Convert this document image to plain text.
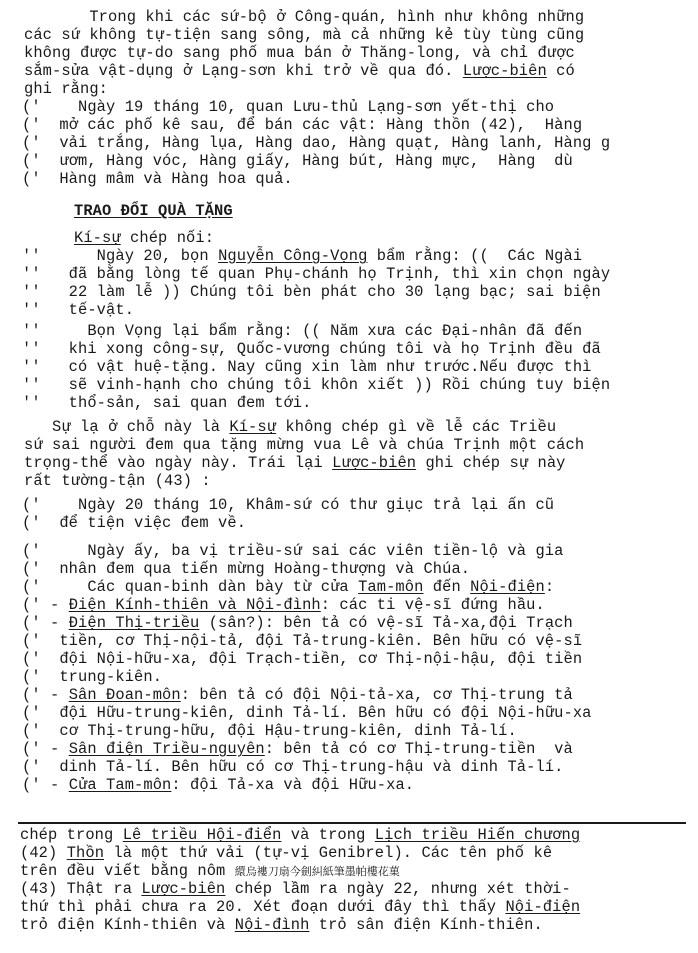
Trong khi các sứ-bộ ở Công-quán, hình như không những
các sứ không tự-tiện sang sông, mà cả những kẻ tùy tùng cũng
không được tự-do sang phố mua bán ở Thăng-long, và chỉ được
sắm-sửa vật-dụng ở Lạng-sơn khi trở về qua đó. Lược-biên có
ghi rằng:
('    Ngày 19 tháng 10, quan Lưu-thủ Lạng-sơn yết-thị cho
('  mở các phố kê sau, để bán các vật: Hàng thồn (42),  Hàng
('  vải trắng, Hàng lụa, Hàng dao, Hàng quạt, Hàng lanh, Hàng g
('  ươm, Hàng vóc, Hàng giấy, Hàng bút, Hàng mực,  Hàng  dù
('  Hàng mâm và Hàng hoa quả.
TRAO ĐỔI QUÀ TẶNG
Kí-sự chép nối:
''      Ngày 20, bọn Nguyễn Công-Vọng bẩm rằng: ((  Các Ngài
''   đã bằng lòng tế quan Phụ-chánh họ Trịnh, thì xin chọn ngày
''   22 làm lễ )) Chúng tôi bèn phát cho 30 lạng bạc; sai biện
''   tế-vật.
''     Bọn Vọng lại bẩm rằng: (( Năm xưa các Đại-nhân đã đến
''   khi xong công-sự, Quốc-vương chúng tôi và họ Trịnh đều đã
''   có vật huệ-tặng. Nay cũng xin làm như trước.Nếu được thì
''   sẽ vinh-hạnh cho chúng tôi khôn xiết )) Rồi chúng tuy biện
''   thổ-sản, sai quan đem tới.
Sự lạ ở chỗ này là Kí-sự không chép gì về lễ các Triều
sứ sai người đem qua tặng mừng vua Lê và chúa Trịnh một cách
trọng-thể vào ngày này. Trái lại Lược-biên ghi chép sự này
rất tường-tận (43) :
('    Ngày 20 tháng 10, Khâm-sứ có thư giục trả lại ấn cũ
('  để tiện việc đem về.
('     Ngày ấy, ba vị triều-sứ sai các viên tiền-lộ và gia
('  nhân đem qua tiến mừng Hoàng-thượng và Chúa.
('     Các quan-binh dàn bày từ cửa Tam-môn đến Nội-điện:
(' - Điện Kính-thiên và Nội-đình: các ti vệ-sĩ đứng hầu.
(' - Điện Thị-triều (sân?): bên tả có vệ-sĩ Tả-xa,đội Trạch
('  tiền, cơ Thị-nội-tả, đội Tả-trung-kiên. Bên hữu có vệ-sĩ
('  đội Nội-hữu-xa, đội Trạch-tiền, cơ Thị-nội-hậu, đội tiền
('  trung-kiên.
(' - Sân Đoan-môn: bên tả có đội Nội-tả-xa, cơ Thị-trung tả
('  đội Hữu-trung-kiên, dinh Tả-lí. Bên hữu có đội Nội-hữu-xa
('  cơ Thị-trung-hữu, đội Hậu-trung-kiên, dinh Tả-lí.
(' - Sân điện Triều-nguyên: bên tả có cơ Thị-trung-tiền  và
('  dinh Tả-lí. Bên hữu có cơ Thị-trung-hậu và dinh Tả-lí.
(' - Cửa Tam-môn: đội Tả-xa và đội Hữu-xa.
chép trong Lê triều Hội-điển và trong Lịch triều Hiến chương
(42) Thồn là một thứ vải (tự-vị Genibrel). Các tên phố kê
trên đều viết bằng nôm 繯烏褸刀扇今劍糾紙筆墨帕樓花菓
(43) Thật ra Lược-biên chép lầm ra ngày 22, nhưng xét thời-
thứ thì phải chưa ra 20. Xét đoạn dưới đây thì thấy Nội-điện
trỏ điện Kính-thiên và Nội-đình trỏ sân điện Kính-thiên.
